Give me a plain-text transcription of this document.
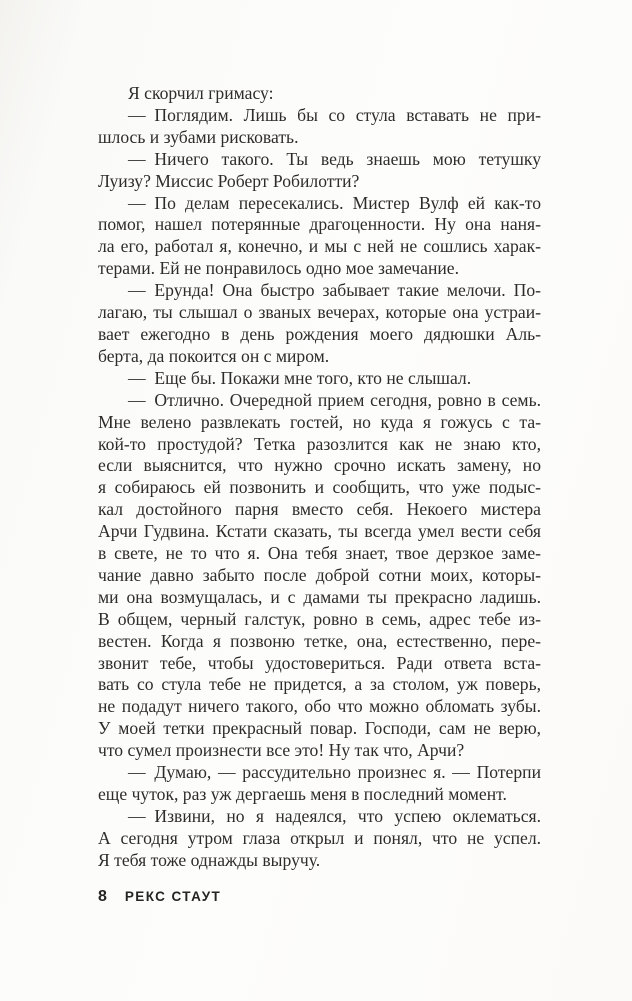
Я скорчил гримасу:
— Поглядим. Лишь бы со стула вставать не при-
шлось и зубами рисковать.
— Ничего такого. Ты ведь знаешь мою тетушку
Луизу? Миссис Роберт Робилотти?
— По делам пересекались. Мистер Вулф ей как-то
помог, нашел потерянные драгоценности. Ну она наня-
ла его, работал я, конечно, и мы с ней не сошлись харак-
терами. Ей не понравилось одно мое замечание.
— Ерунда! Она быстро забывает такие мелочи. По-
лагаю, ты слышал о званых вечерах, которые она устраи-
вает ежегодно в день рождения моего дядюшки Аль-
берта, да покоится он с миром.
— Еще бы. Покажи мне того, кто не слышал.
— Отлично. Очередной прием сегодня, ровно в семь.
Мне велено развлекать гостей, но куда я гожусь с та-
кой-то простудой? Тетка разозлится как не знаю кто,
если выяснится, что нужно срочно искать замену, но
я собираюсь ей позвонить и сообщить, что уже подыс-
кал достойного парня вместо себя. Некоего мистера
Арчи Гудвина. Кстати сказать, ты всегда умел вести себя
в свете, не то что я. Она тебя знает, твое дерзкое заме-
чание давно забыто после доброй сотни моих, которы-
ми она возмущалась, и с дамами ты прекрасно ладишь.
В общем, черный галстук, ровно в семь, адрес тебе из-
вестен. Когда я позвоню тетке, она, естественно, пере-
звонит тебе, чтобы удостовериться. Ради ответа вста-
вать со стула тебе не придется, а за столом, уж поверь,
не подадут ничего такого, обо что можно обломать зубы.
У моей тетки прекрасный повар. Господи, сам не верю,
что сумел произнести все это! Ну так что, Арчи?
— Думаю, — рассудительно произнес я. — Потерпи
еще чуток, раз уж дергаешь меня в последний момент.
— Извини, но я надеялся, что успею оклематься.
А сегодня утром глаза открыл и понял, что не успел.
Я тебя тоже однажды выручу.
8 РЕКС СТАУТ
